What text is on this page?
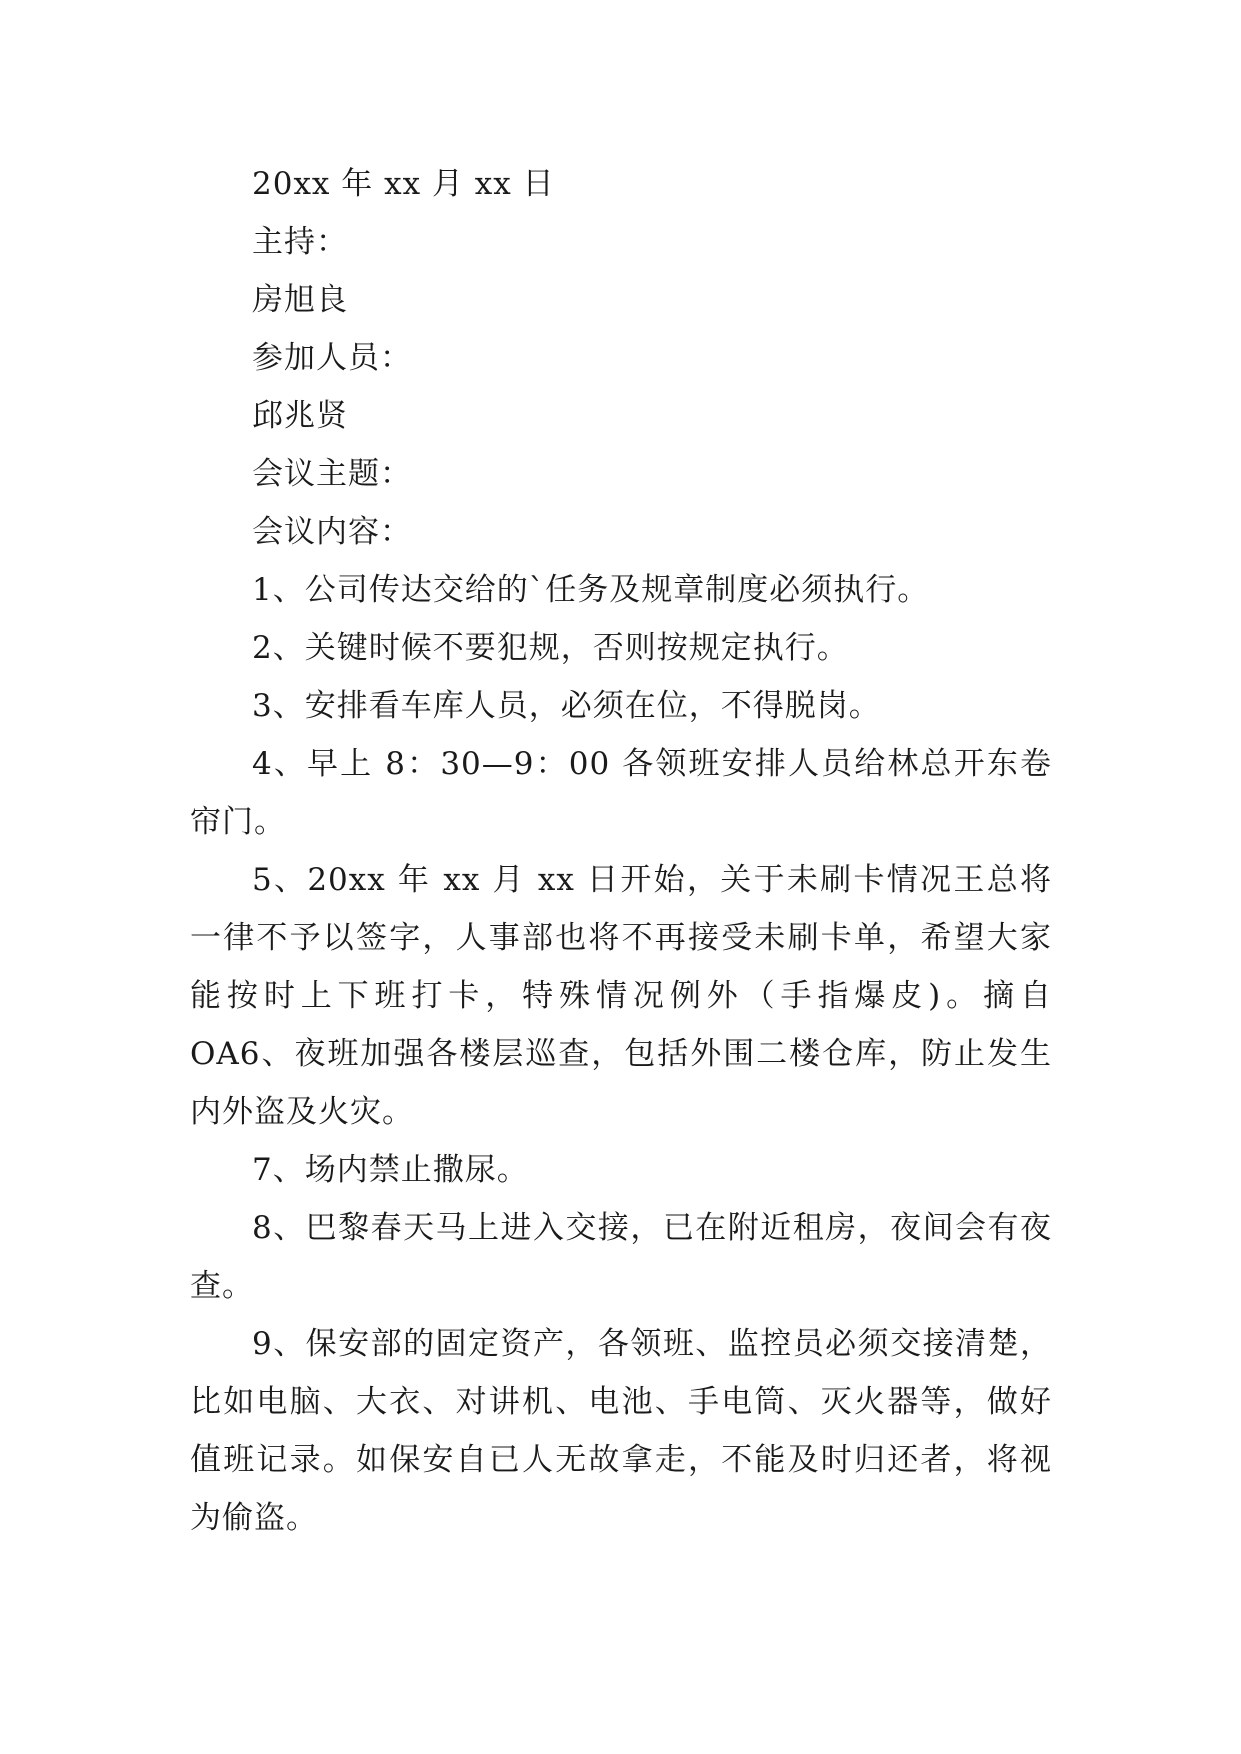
20xx 年 xx 月 xx 日

主持：

房旭良

参加人员：

邱兆贤

会议主题：

会议内容：

1、公司传达交给的`任务及规章制度必须执行。

2、关键时候不要犯规，否则按规定执行。

3、安排看车库人员，必须在位，不得脱岗。

4、早上 8：30—9：00 各领班安排人员给林总开东卷帘门。

5、20xx 年 xx 月 xx 日开始，关于未刷卡情况王总将一律不予以签字，人事部也将不再接受未刷卡单，希望大家能按时上下班打卡，特殊情况例外（手指爆皮)。摘自 OA6、夜班加强各楼层巡查，包括外围二楼仓库，防止发生内外盗及火灾。

7、场内禁止撒尿。

8、巴黎春天马上进入交接，已在附近租房，夜间会有夜查。

9、保安部的固定资产，各领班、监控员必须交接清楚，比如电脑、大衣、对讲机、电池、手电筒、灭火器等，做好值班记录。如保安自已人无故拿走，不能及时归还者，将视为偷盗。
